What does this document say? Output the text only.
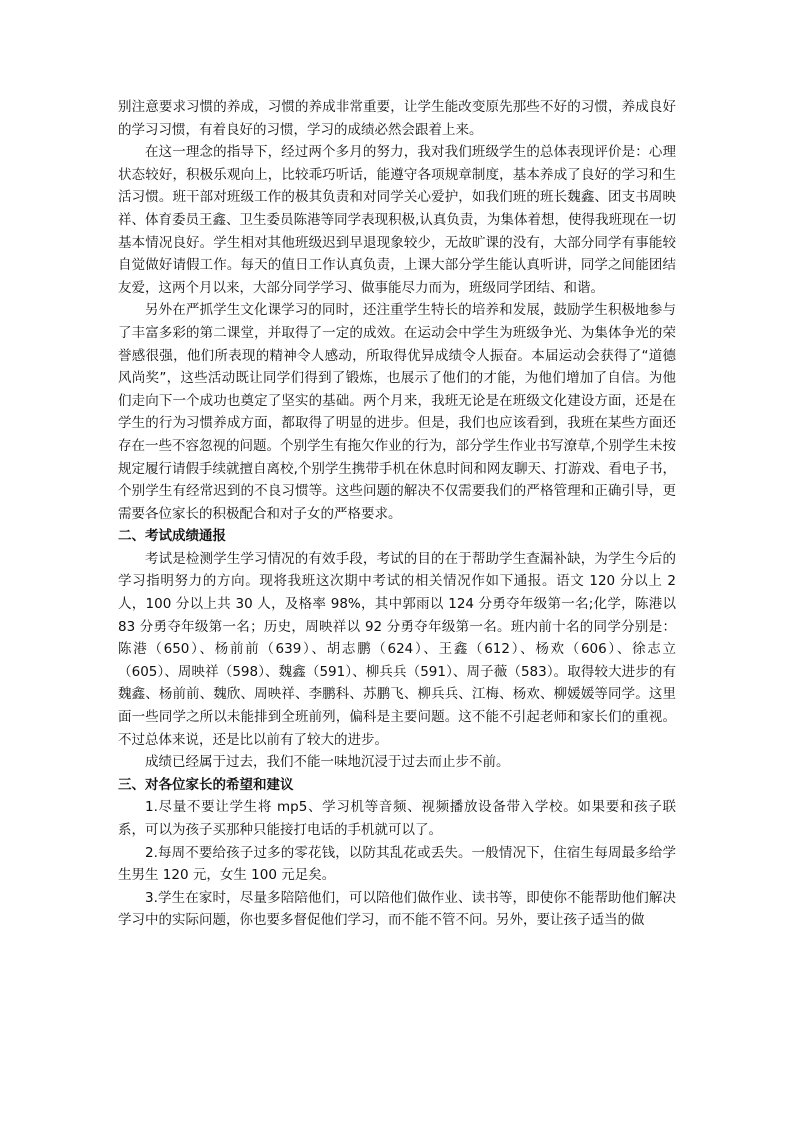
别注意要求习惯的养成，习惯的养成非常重要，让学生能改变原先那些不好的习惯，养成良好的学习习惯，有着良好的习惯，学习的成绩必然会跟着上来。

在这一理念的指导下，经过两个多月的努力，我对我们班级学生的总体表现评价是：心理状态较好，积极乐观向上，比较乖巧听话，能遵守各项规章制度，基本养成了良好的学习和生活习惯。班干部对班级工作的极其负责和对同学关心爱护，如我们班的班长魏鑫、团支书周映祥、体育委员王鑫、卫生委员陈港等同学表现积极,认真负责，为集体着想，使得我班现在一切基本情况良好。学生相对其他班级迟到早退现象较少，无故旷课的没有，大部分同学有事能较自觉做好请假工作。每天的值日工作认真负责，上课大部分学生能认真听讲，同学之间能团结友爱，这两个月以来，大部分同学学习、做事能尽力而为，班级同学团结、和谐。

另外在严抓学生文化课学习的同时，还注重学生特长的培养和发展，鼓励学生积极地参与了丰富多彩的第二课堂，并取得了一定的成效。在运动会中学生为班级争光、为集体争光的荣誉感很强，他们所表现的精神令人感动，所取得优异成绩令人振奋。本届运动会获得了“道德风尚奖”，这些活动既让同学们得到了锻炼，也展示了他们的才能，为他们增加了自信。为他们走向下一个成功也奠定了坚实的基础。两个月来，我班无论是在班级文化建设方面，还是在学生的行为习惯养成方面，都取得了明显的进步。但是，我们也应该看到，我班在某些方面还存在一些不容忽视的问题。个别学生有拖欠作业的行为，部分学生作业书写潦草,个别学生未按规定履行请假手续就擅自离校,个别学生携带手机在休息时间和网友聊天、打游戏、看电子书，个别学生有经常迟到的不良习惯等。这些问题的解决不仅需要我们的严格管理和正确引导，更需要各位家长的积极配合和对子女的严格要求。

二、考试成绩通报

考试是检测学生学习情况的有效手段，考试的目的在于帮助学生查漏补缺，为学生今后的学习指明努力的方向。现将我班这次期中考试的相关情况作如下通报。语文 120 分以上 2 人，100 分以上共 30 人，及格率 98%，其中郭雨以 124 分勇夺年级第一名;化学，陈港以 83 分勇夺年级第一名；历史，周映祥以 92 分勇夺年级第一名。班内前十名的同学分别是：陈港（650）、杨前前（639）、胡志鹏（624）、王鑫（612）、杨欢（606）、徐志立（605）、周映祥（598）、魏鑫（591）、柳兵兵（591）、周子薇（583）。取得较大进步的有魏鑫、杨前前、魏欣、周映祥、李鹏科、苏鹏飞、柳兵兵、江梅、杨欢、柳媛媛等同学。这里面一些同学之所以未能排到全班前列，偏科是主要问题。这不能不引起老师和家长们的重视。不过总体来说，还是比以前有了较大的进步。

成绩已经属于过去，我们不能一味地沉浸于过去而止步不前。

三、对各位家长的希望和建议

1.尽量不要让学生将 mp5、学习机等音频、视频播放设备带入学校。如果要和孩子联系，可以为孩子买那种只能接打电话的手机就可以了。

2.每周不要给孩子过多的零花钱，以防其乱花或丢失。一般情况下，住宿生每周最多给学生男生 120 元，女生 100 元足矣。

3.学生在家时，尽量多陪陪他们，可以陪他们做作业、读书等，即使你不能帮助他们解决学习中的实际问题，你也要多督促他们学习，而不能不管不问。另外，要让孩子适当的做
